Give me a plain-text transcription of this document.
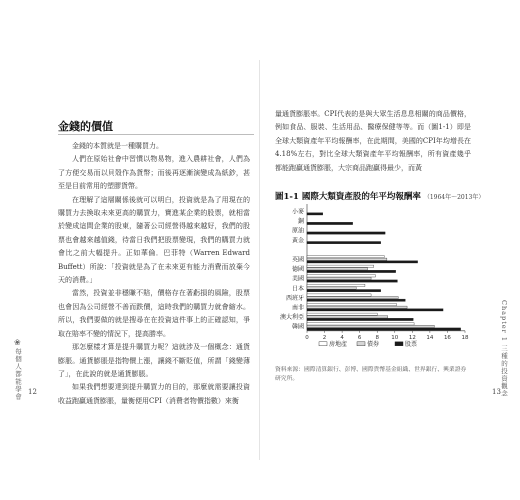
金錢的價值

金錢的本質就是一種購買力。

人們在原始社會中習慣以物易物，進入農耕社會，人們為了方便交易而以貝殼作為貨幣；而後再逐漸演變成為紙鈔，甚至是目前常用的塑膠貨幣。

在理解了這層關係後就可以明白，投資就是為了用現在的購買力去換取未來更高的購買力，寶進某企業的股票，就相當於變成這間企業的股東，隨著公司經營得越來越好，我們的股票也會越來越值錢，待當日我們把股票變現，我們的購買力就會比之前大幅提升。正如華倫．巴菲特（Warren Edward Buffett）所說：「投資就是為了在未來更有能力消費而放棄今天的消費。」

當然，投資並非穩賺不賠，價格存在著虧損的風險，股票也會因為公司經營不善而跌價，這時我們的購買力就會縮水。所以，我們要做的就是搜尋在在投資這件事上的正確認知，爭取在賠率不變的情況下，提高勝率。

那怎麼樣才算是提升購買力呢？這就涉及一個概念：通貨膨脹。通貨膨脹是指物價上漲，讓錢不斷貶值，所謂「錢變薄了」，在此說的就是通貨膨脹。

如果我們想要達到提升購買力的目的，那麼就需要讓投資收益跑贏通貨膨脹，量衡便用CPI（消費者物價指數）來衡

❀
每個人都能學會 12

量通貨膨脹率。CPI代表的是與大眾生活息息相關的商品價格，例如食品、服裝、生活用品、醫療保健等等。而（圖1-1）即是全球大類資產年平均報酬率，在此期間，美國的CPI年均增長在4.18%左右，對比全球大類資產年平均報酬率，所有資產幾乎都能跑贏通貨膨脹，大宗商品跑贏得最少，而黃

圖1-1 國際大類資產股的年平均報酬率 （1964年～2013年）
小麥
銅
原油
黃金
英國
德國
美國
日本
西班牙
南非
澳大利亞
韓國
0	2	4	6	8 10 12 14 16 18
房地產	債券	股票
資料來源：國際清算銀行、彭博、國際貨幣基金組織、世界銀行、興業證券研究所。	Chapter 1 三種的投資觀念
13
